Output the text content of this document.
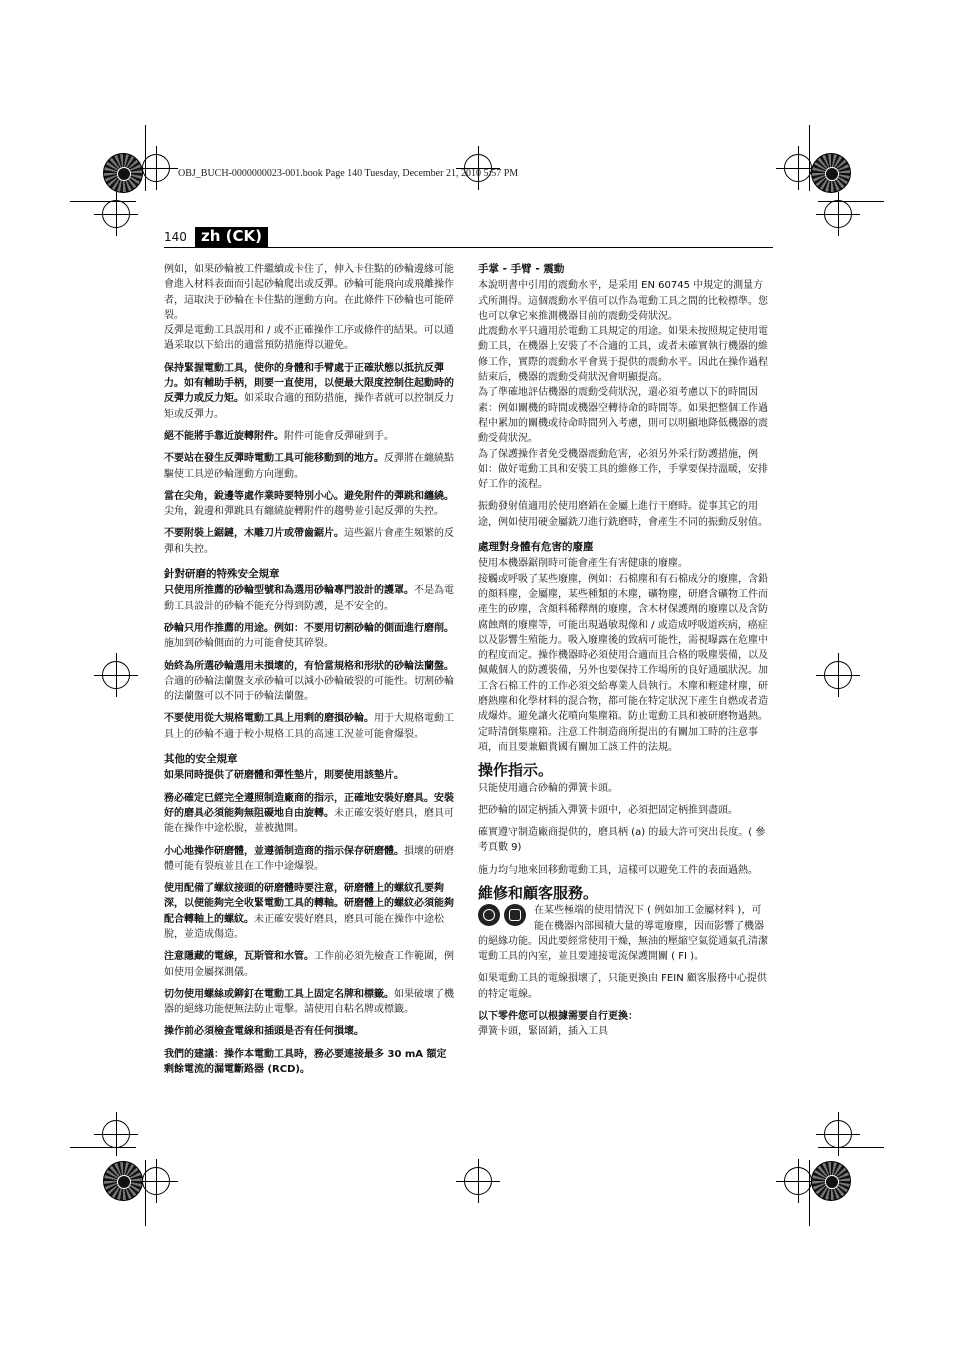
OBJ_BUCH-0000000023-001.book Page 140 Tuesday, December 21, 2010 5:57 PM
140 zh (CK)

例如，如果砂輪被工件繼續或卡住了，伸入卡住點的砂輪邊緣可能會進入材料表面而引起砂輪爬出或反彈。砂輪可能飛向或飛離操作者，這取決于砂輪在卡住點的運動方向。在此條件下砂輪也可能碎裂。

反彈是電動工具誤用和 / 或不正確操作工序或條件的結果。可以通過采取以下給出的適當預防措施得以避免。

保持緊握電動工具，使你的身體和手臂處于正確狀態以抵抗反彈力。如有輔助手柄，則要一直使用，以便最大限度控制住起動時的反彈力或反力矩。如采取合適的預防措施，操作者就可以控制反力矩或反彈力。

絕不能將手靠近旋轉附件。附件可能會反彈碰到手。

不要站在發生反彈時電動工具可能移動到的地方。反彈將在纏繞點驅使工具逆砂輪運動方向運動。

當在尖角，銳邊等處作業時要特別小心。避免附件的彈跳和纏繞。尖角，銳邊和彈跳具有纏繞旋轉附件的趨勢並引起反彈的失控。

不要附裝上鋸鏈，木雕刀片或帶齒鋸片。這些鋸片會產生頻繁的反彈和失控。

針對研磨的特殊安全規章

只使用所推薦的砂輪型號和為選用砂輪專門設計的護罩。不是為電動工具設計的砂輪不能充分得到防護，是不安全的。

砂輪只用作推薦的用途。例如：不要用切割砂輪的側面進行磨削。施加到砂輪側面的力可能會使其碎裂。

始終為所選砂輪選用未損壞的，有恰當規格和形狀的砂輪法蘭盤。合適的砂輪法蘭盤支承砂輪可以減小砂輪破裂的可能性。切割砂輪的法蘭盤可以不同于砂輪法蘭盤。

不要使用從大規格電動工具上用剩的磨損砂輪。用于大規格電動工具上的砂輪不適于較小規格工具的高速工況並可能會爆裂。

其他的安全規章

如果同時提供了研磨體和彈性墊片，則要使用該墊片。

務必確定已經完全遵照制造廠商的指示，正確地安裝好磨具。安裝好的磨具必須能夠無阻礙地自由旋轉。未正確安裝好磨具，磨具可能在操作中途松脫，並被拋開。

小心地操作研磨體，並遵循制造商的指示保存研磨體。損壞的研磨體可能有裂痕並且在工作中途爆裂。

使用配備了螺紋接頭的研磨體時要注意，研磨體上的螺紋孔要夠深，以便能夠完全收緊電動工具的轉軸。研磨體上的螺紋必須能夠配合轉軸上的螺紋。未正確安裝好磨具，磨具可能在操作中途松脫，並造成傷造。

注意隱藏的電線，瓦斯管和水管。工作前必須先檢查工作範圍，例如使用金屬探測儀。

切勿使用螺絲或鉚釘在電動工具上固定名牌和標籤。如果破壞了機器的絕緣功能便無法防止電擊。請使用自粘名牌或標籤。

操作前必須檢查電線和插頭是否有任何損壞。

我們的建議：操作本電動工具時，務必要連接最多 30 mA 額定剩餘電流的漏電斷路器 (RCD)。

手掌 - 手臂 - 震動

本說明書中引用的震動水平，是采用 EN 60745 中規定的測量方式所測得。這個震動水平值可以作為電動工具之間的比較標準。您也可以拿它來推測機器目前的震動受荷狀況。

此震動水平只適用於電動工具規定的用途。如果未按照規定使用電動工具，在機器上安裝了不合適的工具，或者未確實執行機器的維修工作，實際的震動水平會異于提供的震動水平。因此在操作過程結束后，機器的震動受荷狀況會明顯提高。

為了準確地評估機器的震動受荷狀況，還必須考慮以下的時間因素：例如關機的時間或機器空轉待命的時間等。如果把整個工作過程中累加的關機或待命時間列入考慮，則可以明顯地降低機器的震動受荷狀況。

為了保護操作者免受機器震動危害，必須另外采行防護措施，例如：做好電動工具和安裝工具的維修工作，手掌要保持溫暖，安排好工作的流程。

振動發射值適用於使用磨銷在金屬上進行干磨時。從事其它的用途，例如使用硬金屬銑刀進行銑磨時，會產生不同的振動反射值。

處理對身體有危害的廢塵

使用本機器鋸削時可能會產生有害健康的廢塵。

接觸或呼吸了某些廢塵，例如：石棉塵和有石棉成分的廢塵，含鉛的顏料塵，金屬塵，某些種類的木塵，礦物塵，研磨含礦物工件而產生的矽塵，含顏料稀釋劑的廢塵，含木材保護劑的廢塵以及含防腐蝕劑的廢塵等，可能出現過敏現像和 / 或造成呼吸道疾病，癌症以及影響生殖能力。吸入廢塵後的致病可能性，需視曝露在危塵中的程度而定。操作機器時必須使用合適而且合格的吸塵裝備，以及佩戴個人的防護裝備，另外也要保持工作場所的良好通風狀況。加工含石棉工件的工作必須交給專業人員執行。木塵和輕建材塵，研磨熱塵和化學材料的混合物，都可能在特定狀況下產生自燃或者造成爆炸。避免讓火花噴向集塵箱。防止電動工具和被研磨物過熱。定時清倒集塵箱。注意工件制造商所提出的有關加工時的注意事項，而且要兼顧貴國有關加工該工件的法規。

操作指示。

只能使用適合砂輪的彈簧卡頭。

把砂輪的固定柄插入彈簧卡頭中，必須把固定柄推到盡頭。

確實遵守制造廠商提供的，磨具柄 (a) 的最大許可突出長度。( 參考頁數 9)

施力均勻地來回移動電動工具，這樣可以避免工件的表面過熱。

維修和顧客服務。

在某些極端的使用情況下 ( 例如加工金屬材料 )，可能在機器內部囤積大量的導電廢塵，因而影響了機器的絕緣功能。因此要經常使用干燥，無油的壓縮空氣從通氣孔清潔電動工具的內室，並且要連接電流保護開關 ( FI )。

如果電動工具的電線損壞了，只能更換由 FEIN 顧客服務中心提供的特定電線。

以下零件您可以根據需要自行更換：

彈簧卡頭，緊固銷，插入工具
